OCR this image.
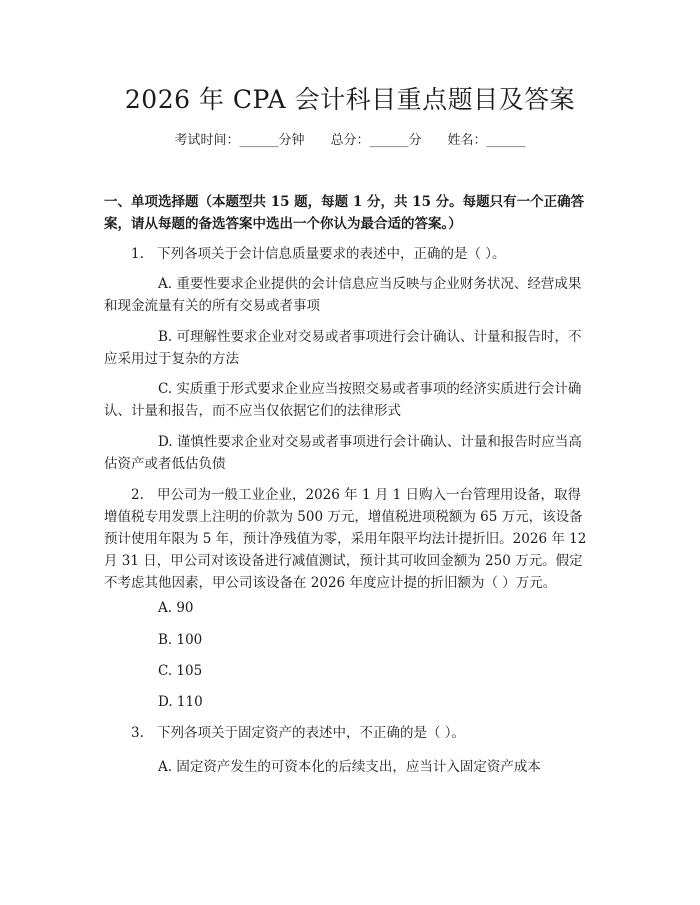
2026 年 CPA 会计科目重点题目及答案
考试时间：______分钟 总分：______分 姓名：______

一、单项选择题（本题型共 15 题，每题 1 分，共 15 分。每题只有一个正确答案，请从每题的备选答案中选出一个你认为最合适的答案。）

1. 下列各项关于会计信息质量要求的表述中，正确的是（ ）。

A. 重要性要求企业提供的会计信息应当反映与企业财务状况、经营成果和现金流量有关的所有交易或者事项

B. 可理解性要求企业对交易或者事项进行会计确认、计量和报告时，不应采用过于复杂的方法

C. 实质重于形式要求企业应当按照交易或者事项的经济实质进行会计确认、计量和报告，而不应当仅依据它们的法律形式

D. 谨慎性要求企业对交易或者事项进行会计确认、计量和报告时应当高估资产或者低估负债

2. 甲公司为一般工业企业，2026 年 1 月 1 日购入一台管理用设备，取得增值税专用发票上注明的价款为 500 万元，增值税进项税额为 65 万元，该设备预计使用年限为 5 年，预计净残值为零，采用年限平均法计提折旧。2026 年 12 月 31 日，甲公司对该设备进行减值测试，预计其可收回金额为 250 万元。假定不考虑其他因素，甲公司该设备在 2026 年度应计提的折旧额为（ ）万元。

A. 90

B. 100

C. 105

D. 110

3. 下列各项关于固定资产的表述中，不正确的是（ ）。

A. 固定资产发生的可资本化的后续支出，应当计入固定资产成本
